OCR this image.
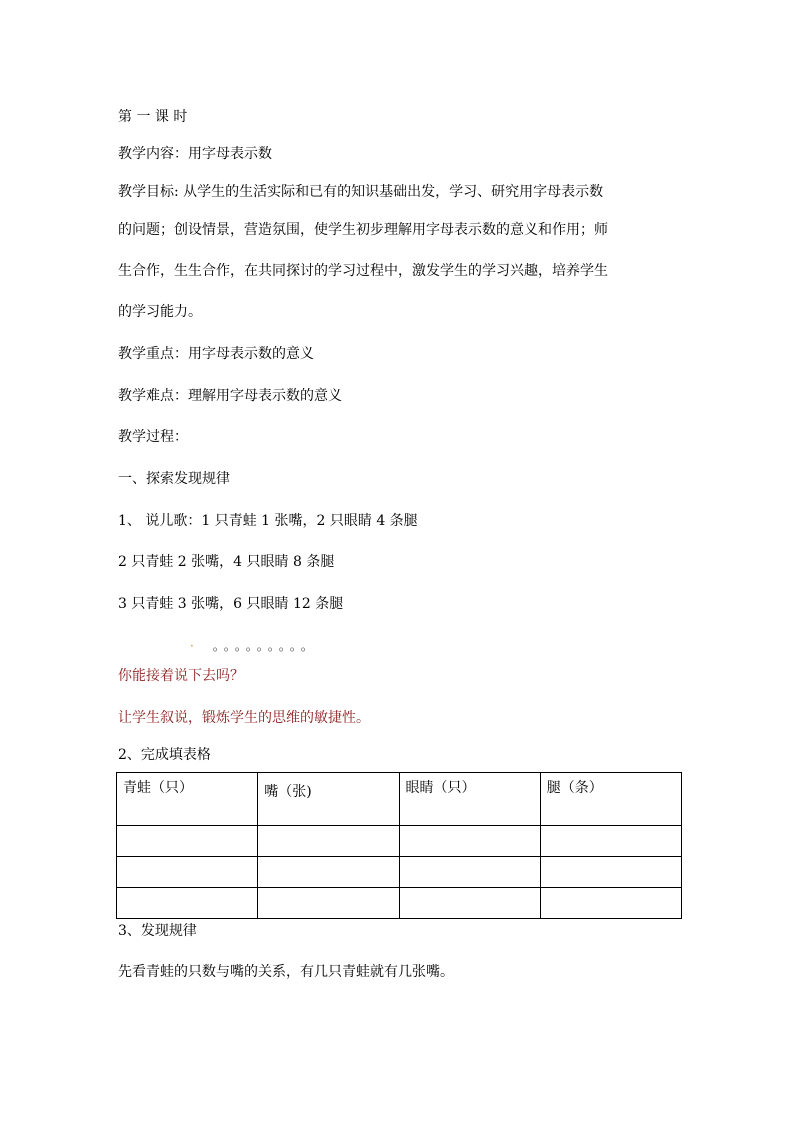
第 一 课 时
教学内容：用字母表示数
教学目标: 从学生的生活实际和已有的知识基础出发，学习、研究用字母表示数
的问题；创设情景，营造氛围，使学生初步理解用字母表示数的意义和作用；师
生合作，生生合作，在共同探讨的学习过程中，激发学生的学习兴趣，培养学生
的学习能力。
教学重点：用字母表示数的意义
教学难点：理解用字母表示数的意义
教学过程：
一、探索发现规律
1、 说儿歌：1 只青蛙 1 张嘴，2 只眼睛 4 条腿
2 只青蛙 2 张嘴，4 只眼睛 8 条腿
3 只青蛙 3 张嘴，6 只眼睛 12 条腿
· 。。。。。。。。。
你能接着说下去吗？
让学生叙说，锻炼学生的思维的敏捷性。
2、完成填表格
青蛙（只）	嘴（张)	眼睛（只）	腿（条）

3、发现规律
先看青蛙的只数与嘴的关系，有几只青蛙就有几张嘴。
